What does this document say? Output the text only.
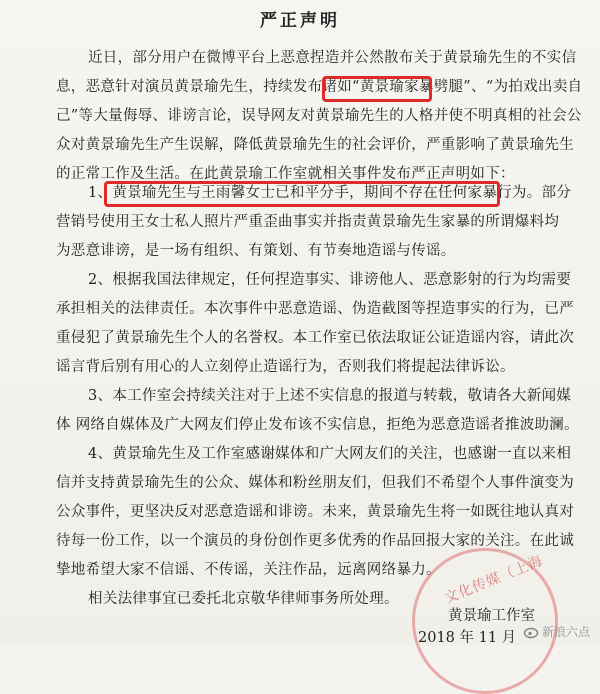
严正声明
近日，部分用户在微博平台上恶意捏造并公然散布关于黄景瑜先生的不实信
息，恶意针对演员黄景瑜先生，持续发布诸如“黄景瑜家暴劈腿”、“为拍戏出卖自
己”等大量侮辱、诽谤言论，误导网友对黄景瑜先生的人格并使不明真相的社会公
众对黄景瑜先生产生误解，降低黄景瑜先生的社会评价，严重影响了黄景瑜先生
的正常工作及生活。在此黄景瑜工作室就相关事件发布严正声明如下：
1、黄景瑜先生与王雨馨女士已和平分手，期间不存在任何家暴行为。部分
营销号使用王女士私人照片严重歪曲事实并指责黄景瑜先生家暴的所谓爆料均
为恶意诽谤，是一场有组织、有策划、有节奏地造谣与传谣。
2、根据我国法律规定，任何捏造事实、诽谤他人、恶意影射的行为均需要
承担相关的法律责任。本次事件中恶意造谣、伪造截图等捏造事实的行为，已严
重侵犯了黄景瑜先生个人的名誉权。本工作室已依法取证公证造谣内容，请此次
谣言背后别有用心的人立刻停止造谣行为，否则我们将提起法律诉讼。
3、本工作室会持续关注对于上述不实信息的报道与转载，敬请各大新闻媒
体 网络自媒体及广大网友们停止发布该不实信息，拒绝为恶意造谣者推波助澜。
4、黄景瑜先生及工作室感谢媒体和广大网友们的关注，也感谢一直以来相
信并支持黄景瑜先生的公众、媒体和粉丝朋友们，但我们不希望个人事件演变为
公众事件，更坚决反对恶意造谣和诽谤。未来，黄景瑜先生将一如既往地认真对
待每一份工作，以一个演员的身份创作更多优秀的作品回报大家的关注。在此诚
挚地希望大家不信谣、不传谣，关注作品，远离网络暴力。
相关法律事宜已委托北京敬华律师事务所处理。	文化传媒（上海
黄景瑜工作室
2018 年 11 月 新浪六点
